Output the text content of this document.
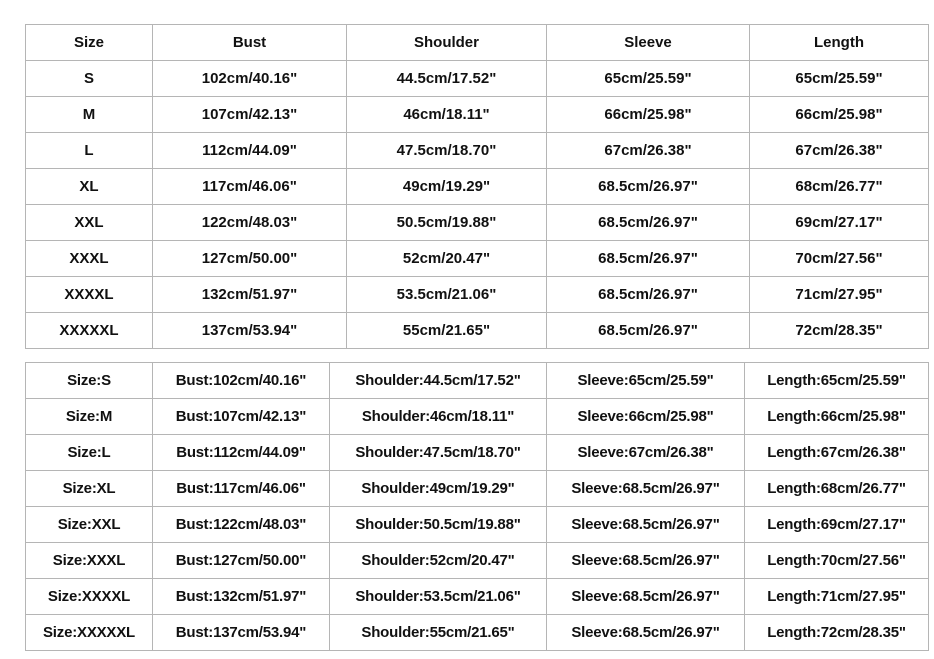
Size	Bust	Shoulder	Sleeve	Length
S	102cm/40.16"	44.5cm/17.52"	65cm/25.59"	65cm/25.59"
M	107cm/42.13"	46cm/18.11"	66cm/25.98"	66cm/25.98"
L	112cm/44.09"	47.5cm/18.70"	67cm/26.38"	67cm/26.38"
XL	117cm/46.06"	49cm/19.29"	68.5cm/26.97"	68cm/26.77"
XXL	122cm/48.03"	50.5cm/19.88"	68.5cm/26.97"	69cm/27.17"
XXXL	127cm/50.00"	52cm/20.47"	68.5cm/26.97"	70cm/27.56"
XXXXL	132cm/51.97"	53.5cm/21.06"	68.5cm/26.97"	71cm/27.95"
XXXXXL	137cm/53.94"	55cm/21.65"	68.5cm/26.97"	72cm/28.35"
Size:S	Bust:102cm/40.16"	Shoulder:44.5cm/17.52"	Sleeve:65cm/25.59"	Length:65cm/25.59"
Size:M	Bust:107cm/42.13"	Shoulder:46cm/18.11"	Sleeve:66cm/25.98"	Length:66cm/25.98"
Size:L	Bust:112cm/44.09"	Shoulder:47.5cm/18.70"	Sleeve:67cm/26.38"	Length:67cm/26.38"
Size:XL	Bust:117cm/46.06"	Shoulder:49cm/19.29"	Sleeve:68.5cm/26.97"	Length:68cm/26.77"
Size:XXL	Bust:122cm/48.03"	Shoulder:50.5cm/19.88"	Sleeve:68.5cm/26.97"	Length:69cm/27.17"
Size:XXXL	Bust:127cm/50.00"	Shoulder:52cm/20.47"	Sleeve:68.5cm/26.97"	Length:70cm/27.56"
Size:XXXXL	Bust:132cm/51.97"	Shoulder:53.5cm/21.06"	Sleeve:68.5cm/26.97"	Length:71cm/27.95"
Size:XXXXXL	Bust:137cm/53.94"	Shoulder:55cm/21.65"	Sleeve:68.5cm/26.97"	Length:72cm/28.35"
